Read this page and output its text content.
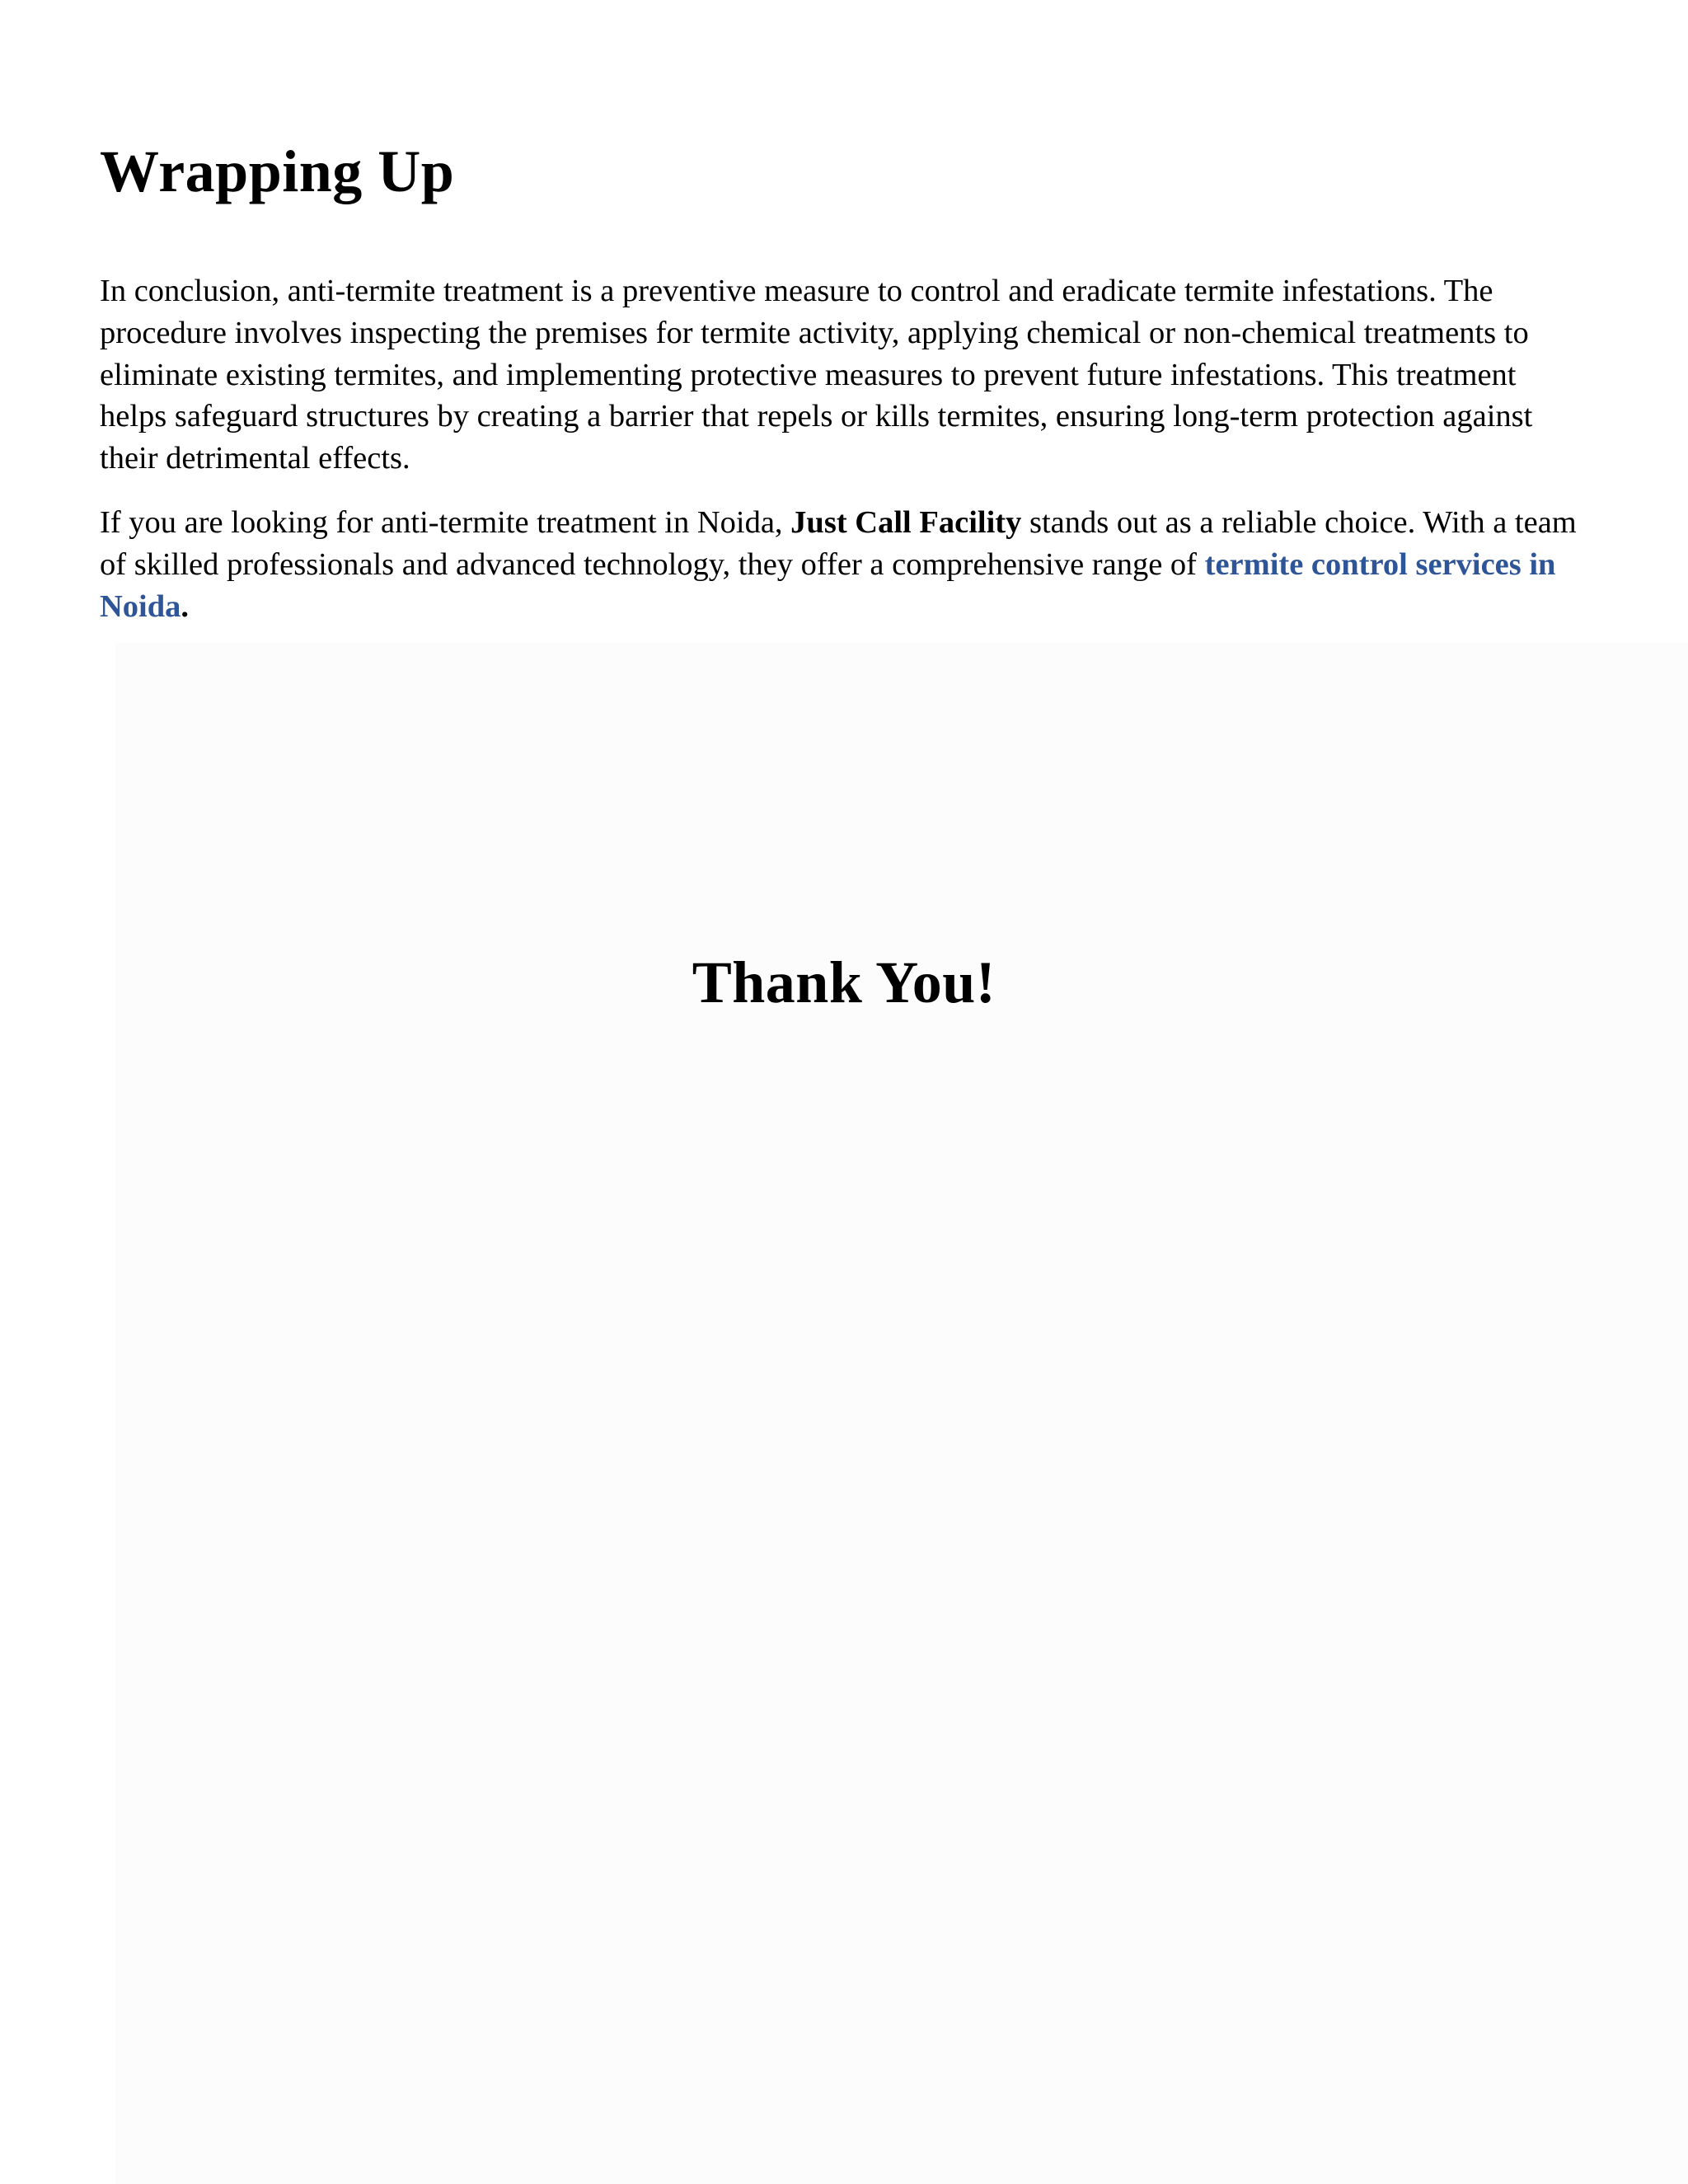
Wrapping Up

In conclusion, anti-termite treatment is a preventive measure to control and eradicate termite infestations. The procedure involves inspecting the premises for termite activity, applying chemical or non-chemical treatments to eliminate existing termites, and implementing protective measures to prevent future infestations. This treatment helps safeguard structures by creating a barrier that repels or kills termites, ensuring long-term protection against their detrimental effects.

If you are looking for anti-termite treatment in Noida, Just Call Facility stands out as a reliable choice. With a team of skilled professionals and advanced technology, they offer a comprehensive range of termite control services in Noida.

Thank You!
